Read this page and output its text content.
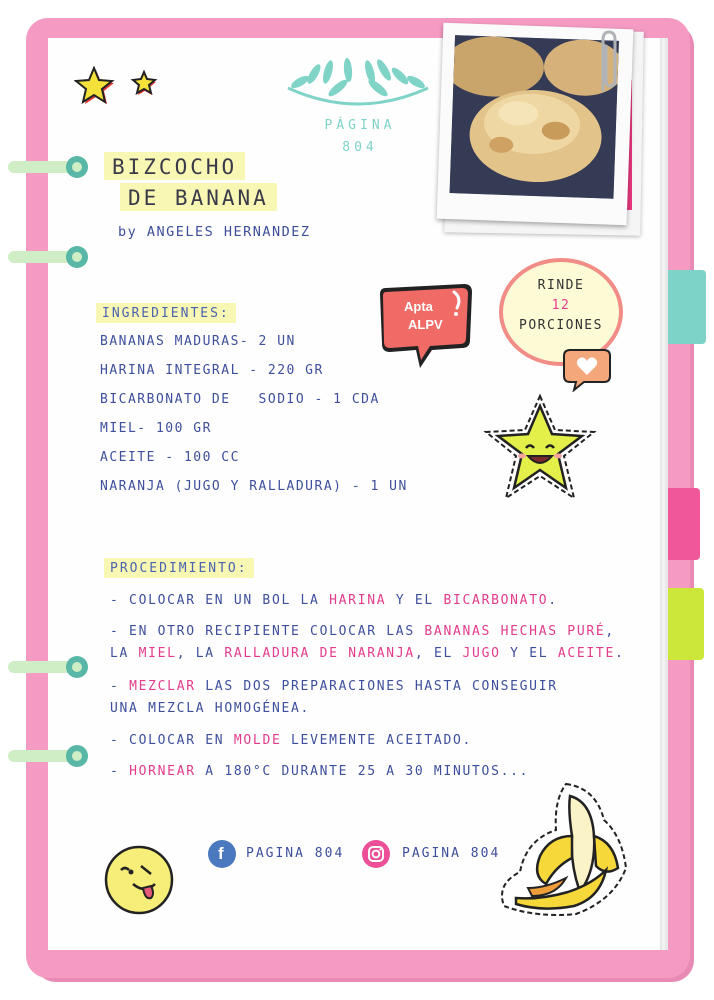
PÁGINA
804
BIZCOCHO
DE BANANA
by ANGELES HERNANDEZ
Apta
ALPV
RINDE
12
PORCIONES
INGREDIENTES:
BANANAS MADURAS- 2 UN
HARINA INTEGRAL - 220 GR
BICARBONATO DE   SODIO - 1 CDA
MIEL- 100 GR
ACEITE - 100 CC
NARANJA (JUGO Y RALLADURA) - 1 UN
PROCEDIMIENTO:
- COLOCAR EN UN BOL LA HARINA Y EL BICARBONATO.
- EN OTRO RECIPIENTE COLOCAR LAS BANANAS HECHAS PURÉ,
LA MIEL, LA RALLADURA DE NARANJA, EL JUGO Y EL ACEITE.
- MEZCLAR LAS DOS PREPARACIONES HASTA CONSEGUIR
UNA MEZCLA HOMOGÉNEA.
- COLOCAR EN MOLDE LEVEMENTE ACEITADO.
- HORNEAR A 180°C DURANTE 25 A 30 MINUTOS...
f PAGINA 804	PAGINA 804
